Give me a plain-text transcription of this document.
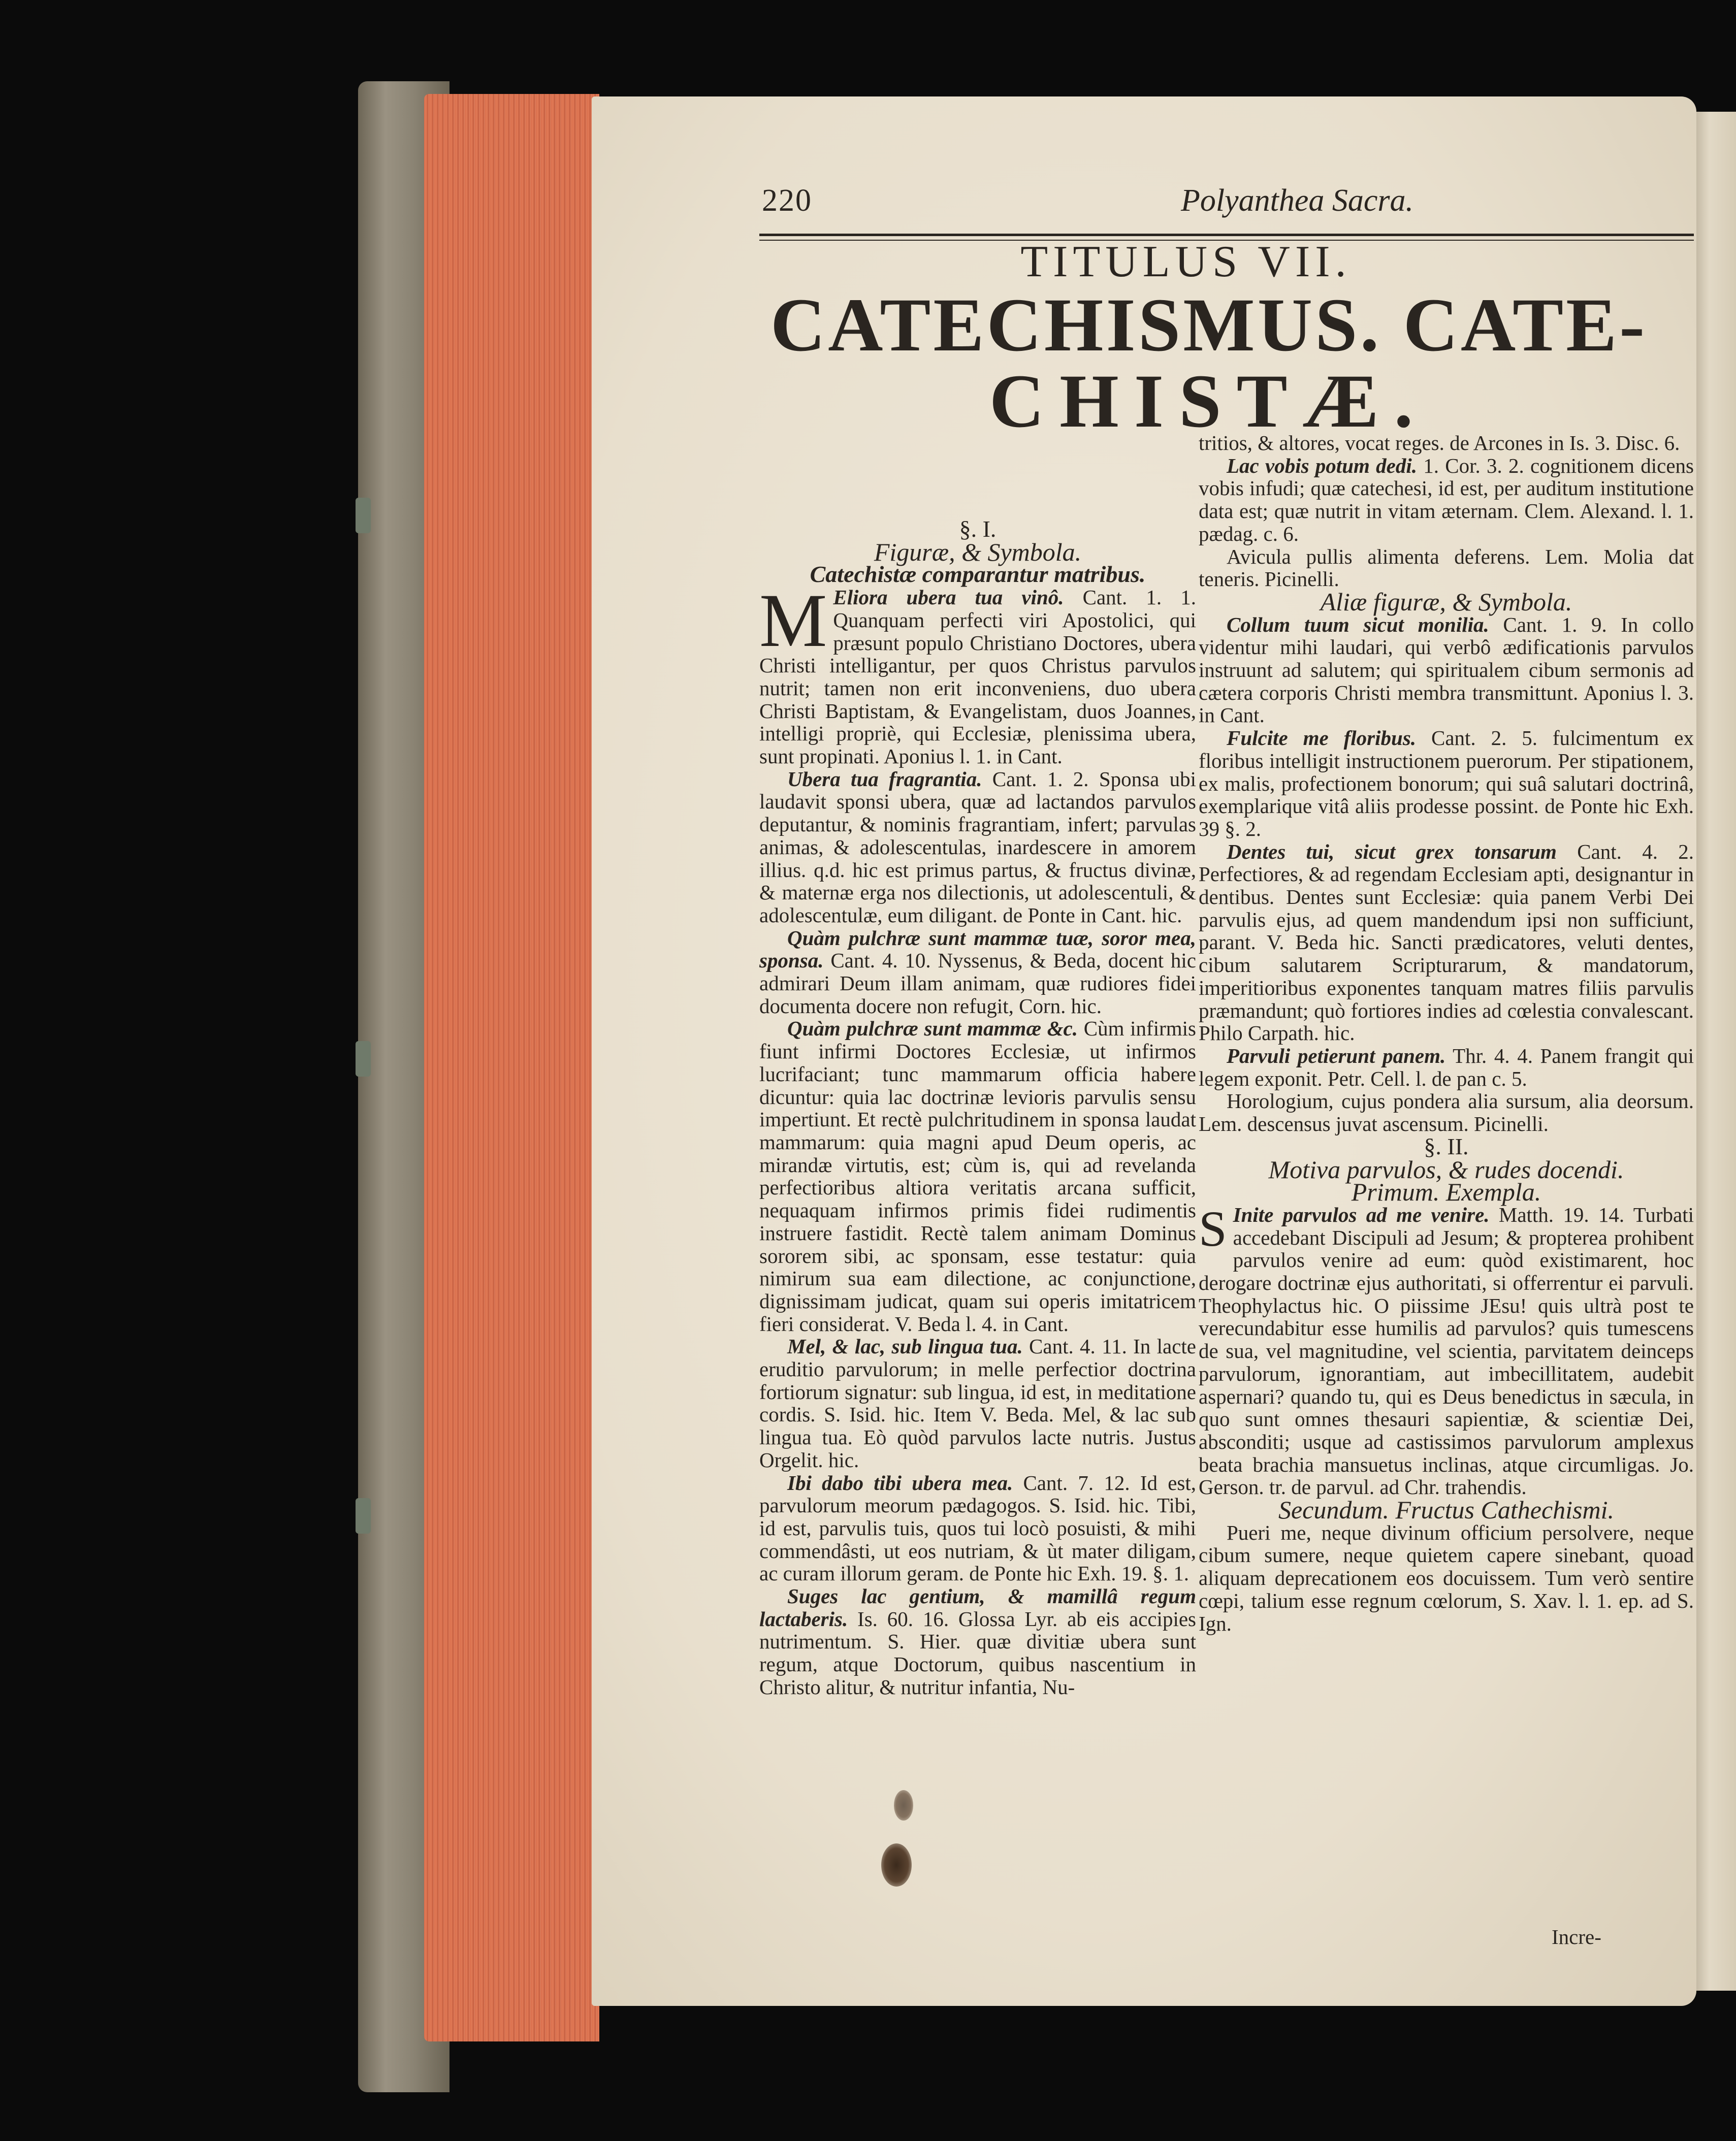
220	Polyanthea Sacra.
TITULUS VII.
CATECHISMUS. CATE-
CHISTÆ.

§. I.

Figuræ, & Symbola.

Catechistæ comparantur matribus.

M Eliora ubera tua vinô. Cant. 1. 1. Quanquam perfecti viri Apostolici, qui præsunt populo Christiano Doctores, ubera Christi intelligantur, per quos Christus parvulos nutrit; tamen non erit inconveniens, duo ubera Christi Baptistam, & Evangelistam, duos Joannes, intelligi propriè, qui Ecclesiæ, plenissima ubera, sunt propinati. Aponius l. 1. in Cant.

Ubera tua fragrantia. Cant. 1. 2. Sponsa ubi laudavit sponsi ubera, quæ ad lactandos parvulos deputantur, & nominis fragrantiam, infert; parvulas animas, & adolescentulas, inardescere in amorem illius. q.d. hic est primus partus, & fructus divinæ, & maternæ erga nos dilectionis, ut adolescentuli, & adolescentulæ, eum diligant. de Ponte in Cant. hic.

Quàm pulchræ sunt mammæ tuæ, soror mea, sponsa. Cant. 4. 10. Nyssenus, & Beda, docent hic admirari Deum illam animam, quæ rudiores fidei documenta docere non refugit, Corn. hic.

Quàm pulchræ sunt mammæ &c. Cùm infirmis fiunt infirmi Doctores Ecclesiæ, ut infirmos lucrifaciant; tunc mammarum officia habere dicuntur: quia lac doctrinæ levioris parvulis sensu impertiunt. Et rectè pulchritudinem in sponsa laudat mammarum: quia magni apud Deum operis, ac mirandæ virtutis, est; cùm is, qui ad revelanda perfectioribus altiora veritatis arcana sufficit, nequaquam infirmos primis fidei rudimentis instruere fastidit. Rectè talem animam Dominus sororem sibi, ac sponsam, esse testatur: quia nimirum sua eam dilectione, ac conjunctione, dignissimam judicat, quam sui operis imitatricem fieri considerat. V. Beda l. 4. in Cant.

Mel, & lac, sub lingua tua. Cant. 4. 11. In lacte eruditio parvulorum; in melle perfectior doctrina fortiorum signatur: sub lingua, id est, in meditatione cordis. S. Isid. hic. Item V. Beda. Mel, & lac sub lingua tua. Eò quòd parvulos lacte nutris. Justus Orgelit. hic.

Ibi dabo tibi ubera mea. Cant. 7. 12. Id est, parvulorum meorum pædagogos. S. Isid. hic. Tibi, id est, parvulis tuis, quos tui locò posuisti, & mihi commendâsti, ut eos nutriam, & ùt mater diligam, ac curam illorum geram. de Ponte hic Exh. 19. §. 1.

Suges lac gentium, & mamillâ regum lactaberis. Is. 60. 16. Glossa Lyr. ab eis accipies nutrimentum. S. Hier. quæ divitiæ ubera sunt regum, atque Doctorum, quibus nascentium in Christo alitur, & nutritur infantia, Nu-

tritios, & altores, vocat reges. de Arcones in Is. 3. Disc. 6.

Lac vobis potum dedi. 1. Cor. 3. 2. cognitionem dicens vobis infudi; quæ catechesi, id est, per auditum institutione data est; quæ nutrit in vitam æternam. Clem. Alexand. l. 1. pædag. c. 6.

Avicula pullis alimenta deferens. Lem. Molia dat teneris. Picinelli.

Aliæ figuræ, & Symbola.

Collum tuum sicut monilia. Cant. 1. 9. In collo videntur mihi laudari, qui verbô ædificationis parvulos instruunt ad salutem; qui spiritualem cibum sermonis ad cætera corporis Christi membra transmittunt. Aponius l. 3. in Cant.

Fulcite me floribus. Cant. 2. 5. fulcimentum ex floribus intelligit instructionem puerorum. Per stipationem, ex malis, profectionem bonorum; qui suâ salutari doctrinâ, exemplarique vitâ aliis prodesse possint. de Ponte hic Exh. 39 §. 2.

Dentes tui, sicut grex tonsarum Cant. 4. 2. Perfectiores, & ad regendam Ecclesiam apti, designantur in dentibus. Dentes sunt Ecclesiæ: quia panem Verbi Dei parvulis ejus, ad quem mandendum ipsi non sufficiunt, parant. V. Beda hic. Sancti prædicatores, veluti dentes, cibum salutarem Scripturarum, & mandatorum, imperitioribus exponentes tanquam matres filiis parvulis præmandunt; quò fortiores indies ad cœlestia convalescant. Philo Carpath. hic.

Parvuli petierunt panem. Thr. 4. 4. Panem frangit qui legem exponit. Petr. Cell. l. de pan c. 5.

Horologium, cujus pondera alia sursum, alia deorsum. Lem. descensus juvat ascensum. Picinelli.

§. II.

Motiva parvulos, & rudes docendi.

Primum. Exempla.

S Inite parvulos ad me venire. Matth. 19. 14. Turbati accedebant Discipuli ad Jesum; & propterea prohibent parvulos venire ad eum: quòd existimarent, hoc derogare doctrinæ ejus authoritati, si offerrentur ei parvuli. Theophylactus hic. O piissime JEsu! quis ultrà post te verecundabitur esse humilis ad parvulos? quis tumescens de sua, vel magnitudine, vel scientia, parvitatem deinceps parvulorum, ignorantiam, aut imbecillitatem, audebit aspernari? quando tu, qui es Deus benedictus in sæcula, in quo sunt omnes thesauri sapientiæ, & scientiæ Dei, absconditi; usque ad castissimos parvulorum amplexus beata brachia mansuetus inclinas, atque circumligas. Jo. Gerson. tr. de parvul. ad Chr. trahendis.

Secundum. Fructus Cathechismi.

Pueri me, neque divinum officium persolvere, neque cibum sumere, neque quietem capere sinebant, quoad aliquam deprecationem eos docuissem. Tum verò sentire cœpi, talium esse regnum cœlorum, S. Xav. l. 1. ep. ad S. Ign.

Incre-
